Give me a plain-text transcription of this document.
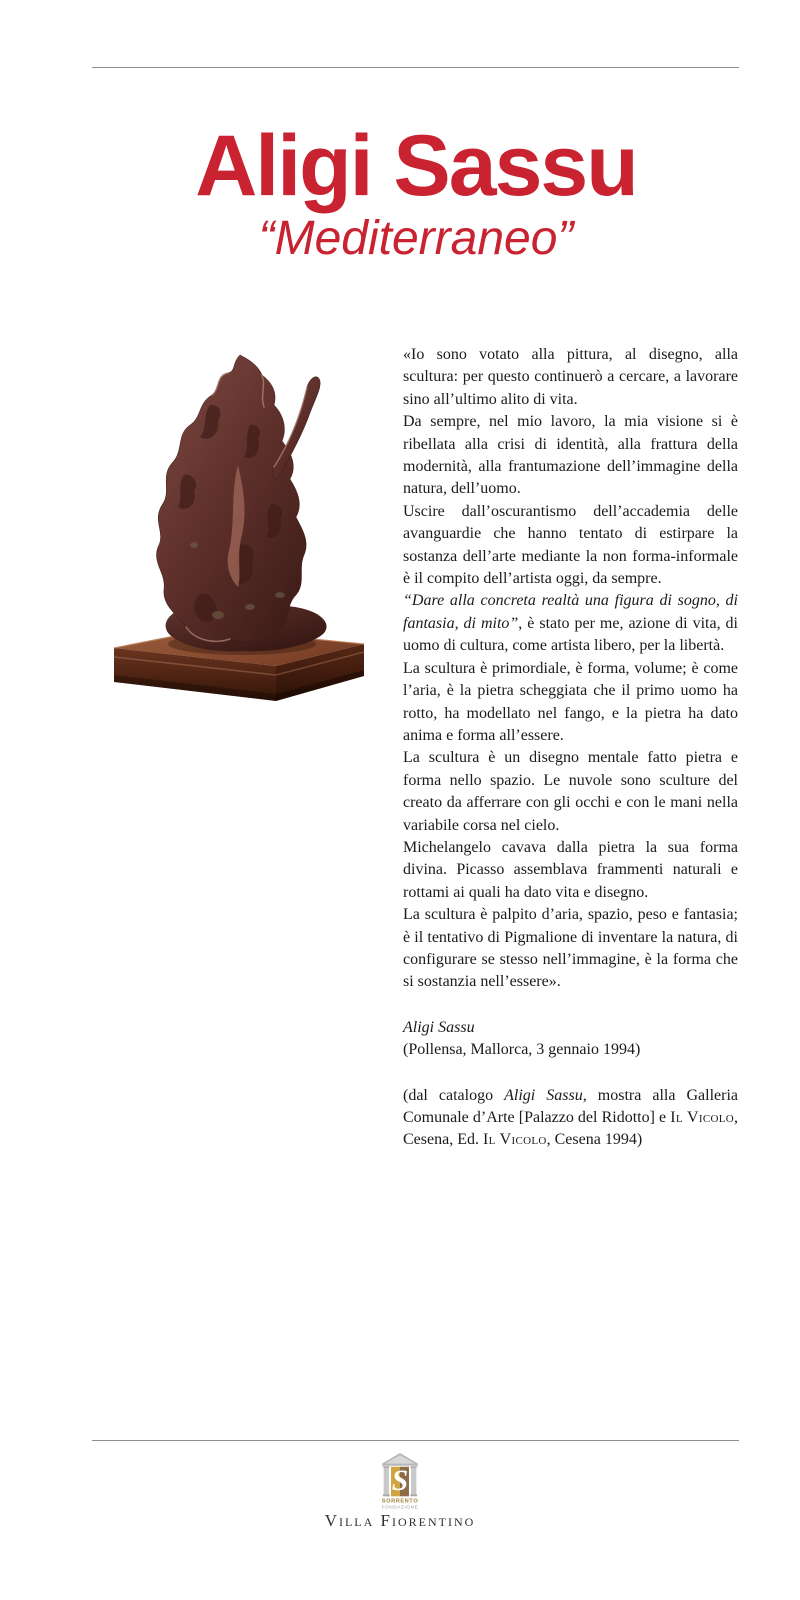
Aligi Sassu
“Mediterraneo”

«Io sono votato alla pittura, al disegno, alla scultura: per questo continuerò a cercare, a lavorare sino all’ultimo alito di vita.

Da sempre, nel mio lavoro, la mia visione si è ribellata alla crisi di identità, alla frattura della modernità, alla frantumazione dell’immagine della natura, dell’uomo.

Uscire dall’oscurantismo dell’accademia delle avanguardie che hanno tentato di estirpare la sostanza dell’arte mediante la non forma-informale è il compito dell’artista oggi, da sempre.

“Dare alla concreta realtà una figura di sogno, di fantasia, di mito”, è stato per me, azione di vita, di uomo di cultura, come artista libero, per la libertà.

La scultura è primordiale, è forma, volume; è come l’aria, è la pietra scheggiata che il primo uomo ha rotto, ha modellato nel fango, e la pietra ha dato anima e forma all’essere.

La scultura è un disegno mentale fatto pietra e forma nello spazio. Le nuvole sono sculture del creato da afferrare con gli occhi e con le mani nella variabile corsa nel cielo.

Michelangelo cavava dalla pietra la sua forma divina. Picasso assemblava frammenti naturali e rottami ai quali ha dato vita e disegno.

La scultura è palpito d’aria, spazio, peso e fantasia; è il tentativo di Pigmalione di inventare la natura, di configurare se stesso nell’immagine, è la forma che si sostanzia nell’essere».

Aligi Sassu
(Pollensa, Mallorca, 3 gennaio 1994)
(dal catalogo Aligi Sassu, mostra alla Galleria Comunale d’Arte [Palazzo del Ridotto] e Il Vicolo, Cesena, Ed. Il Vicolo, Cesena 1994)
S
SORRENTO
FONDAZIONE
Villa Fiorentino
